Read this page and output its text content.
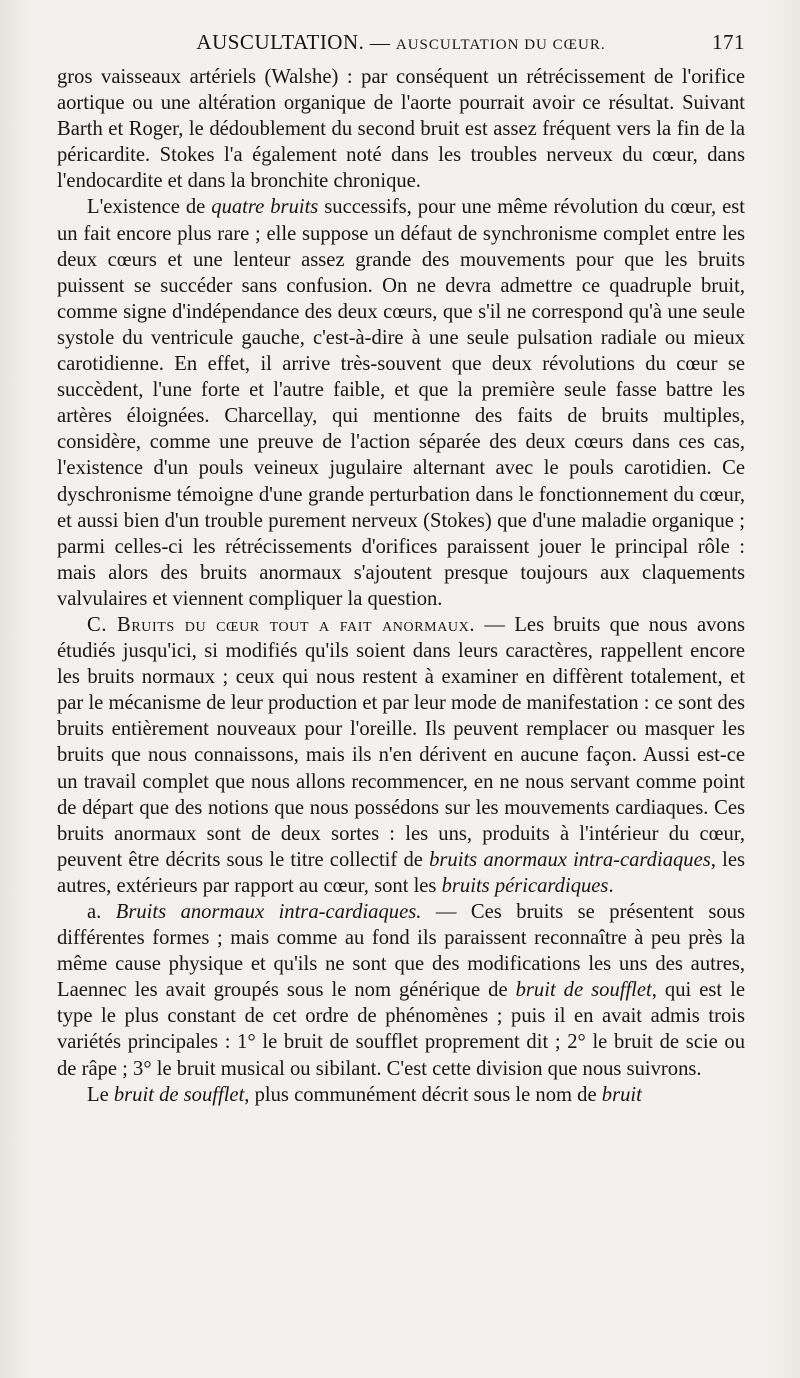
AUSCULTATION. — AUSCULTATION DU CŒUR.	171

gros vaisseaux artériels (Walshe) : par conséquent un rétrécissement de l'orifice aortique ou une altération organique de l'aorte pourrait avoir ce résultat. Suivant Barth et Roger, le dédoublement du second bruit est assez fréquent vers la fin de la péricardite. Stokes l'a également noté dans les troubles nerveux du cœur, dans l'endocardite et dans la bronchite chronique.

L'existence de quatre bruits successifs, pour une même révolution du cœur, est un fait encore plus rare ; elle suppose un défaut de synchronisme complet entre les deux cœurs et une lenteur assez grande des mouvements pour que les bruits puissent se succéder sans confusion. On ne devra admettre ce quadruple bruit, comme signe d'indépendance des deux cœurs, que s'il ne correspond qu'à une seule systole du ventricule gauche, c'est-à-dire à une seule pulsation radiale ou mieux carotidienne. En effet, il arrive très-souvent que deux révolutions du cœur se succèdent, l'une forte et l'autre faible, et que la première seule fasse battre les artères éloignées. Charcellay, qui mentionne des faits de bruits multiples, considère, comme une preuve de l'action séparée des deux cœurs dans ces cas, l'existence d'un pouls veineux jugulaire alternant avec le pouls carotidien. Ce dyschronisme témoigne d'une grande perturbation dans le fonctionnement du cœur, et aussi bien d'un trouble purement nerveux (Stokes) que d'une maladie organique ; parmi celles-ci les rétrécissements d'orifices paraissent jouer le principal rôle : mais alors des bruits anormaux s'ajoutent presque toujours aux claquements valvulaires et viennent compliquer la question.

C. Bruits du cœur tout a fait anormaux. — Les bruits que nous avons étudiés jusqu'ici, si modifiés qu'ils soient dans leurs caractères, rappellent encore les bruits normaux ; ceux qui nous restent à examiner en diffèrent totalement, et par le mécanisme de leur production et par leur mode de manifestation : ce sont des bruits entièrement nouveaux pour l'oreille. Ils peuvent remplacer ou masquer les bruits que nous connaissons, mais ils n'en dérivent en aucune façon. Aussi est-ce un travail complet que nous allons recommencer, en ne nous servant comme point de départ que des notions que nous possédons sur les mouvements cardiaques. Ces bruits anormaux sont de deux sortes : les uns, produits à l'intérieur du cœur, peuvent être décrits sous le titre collectif de bruits anormaux intra-cardiaques, les autres, extérieurs par rapport au cœur, sont les bruits péricardiques.

a. Bruits anormaux intra-cardiaques. — Ces bruits se présentent sous différentes formes ; mais comme au fond ils paraissent reconnaître à peu près la même cause physique et qu'ils ne sont que des modifications les uns des autres, Laennec les avait groupés sous le nom générique de bruit de soufflet, qui est le type le plus constant de cet ordre de phénomènes ; puis il en avait admis trois variétés principales : 1° le bruit de soufflet proprement dit ; 2° le bruit de scie ou de râpe ; 3° le bruit musical ou sibilant. C'est cette division que nous suivrons.

Le bruit de soufflet, plus communément décrit sous le nom de bruit
